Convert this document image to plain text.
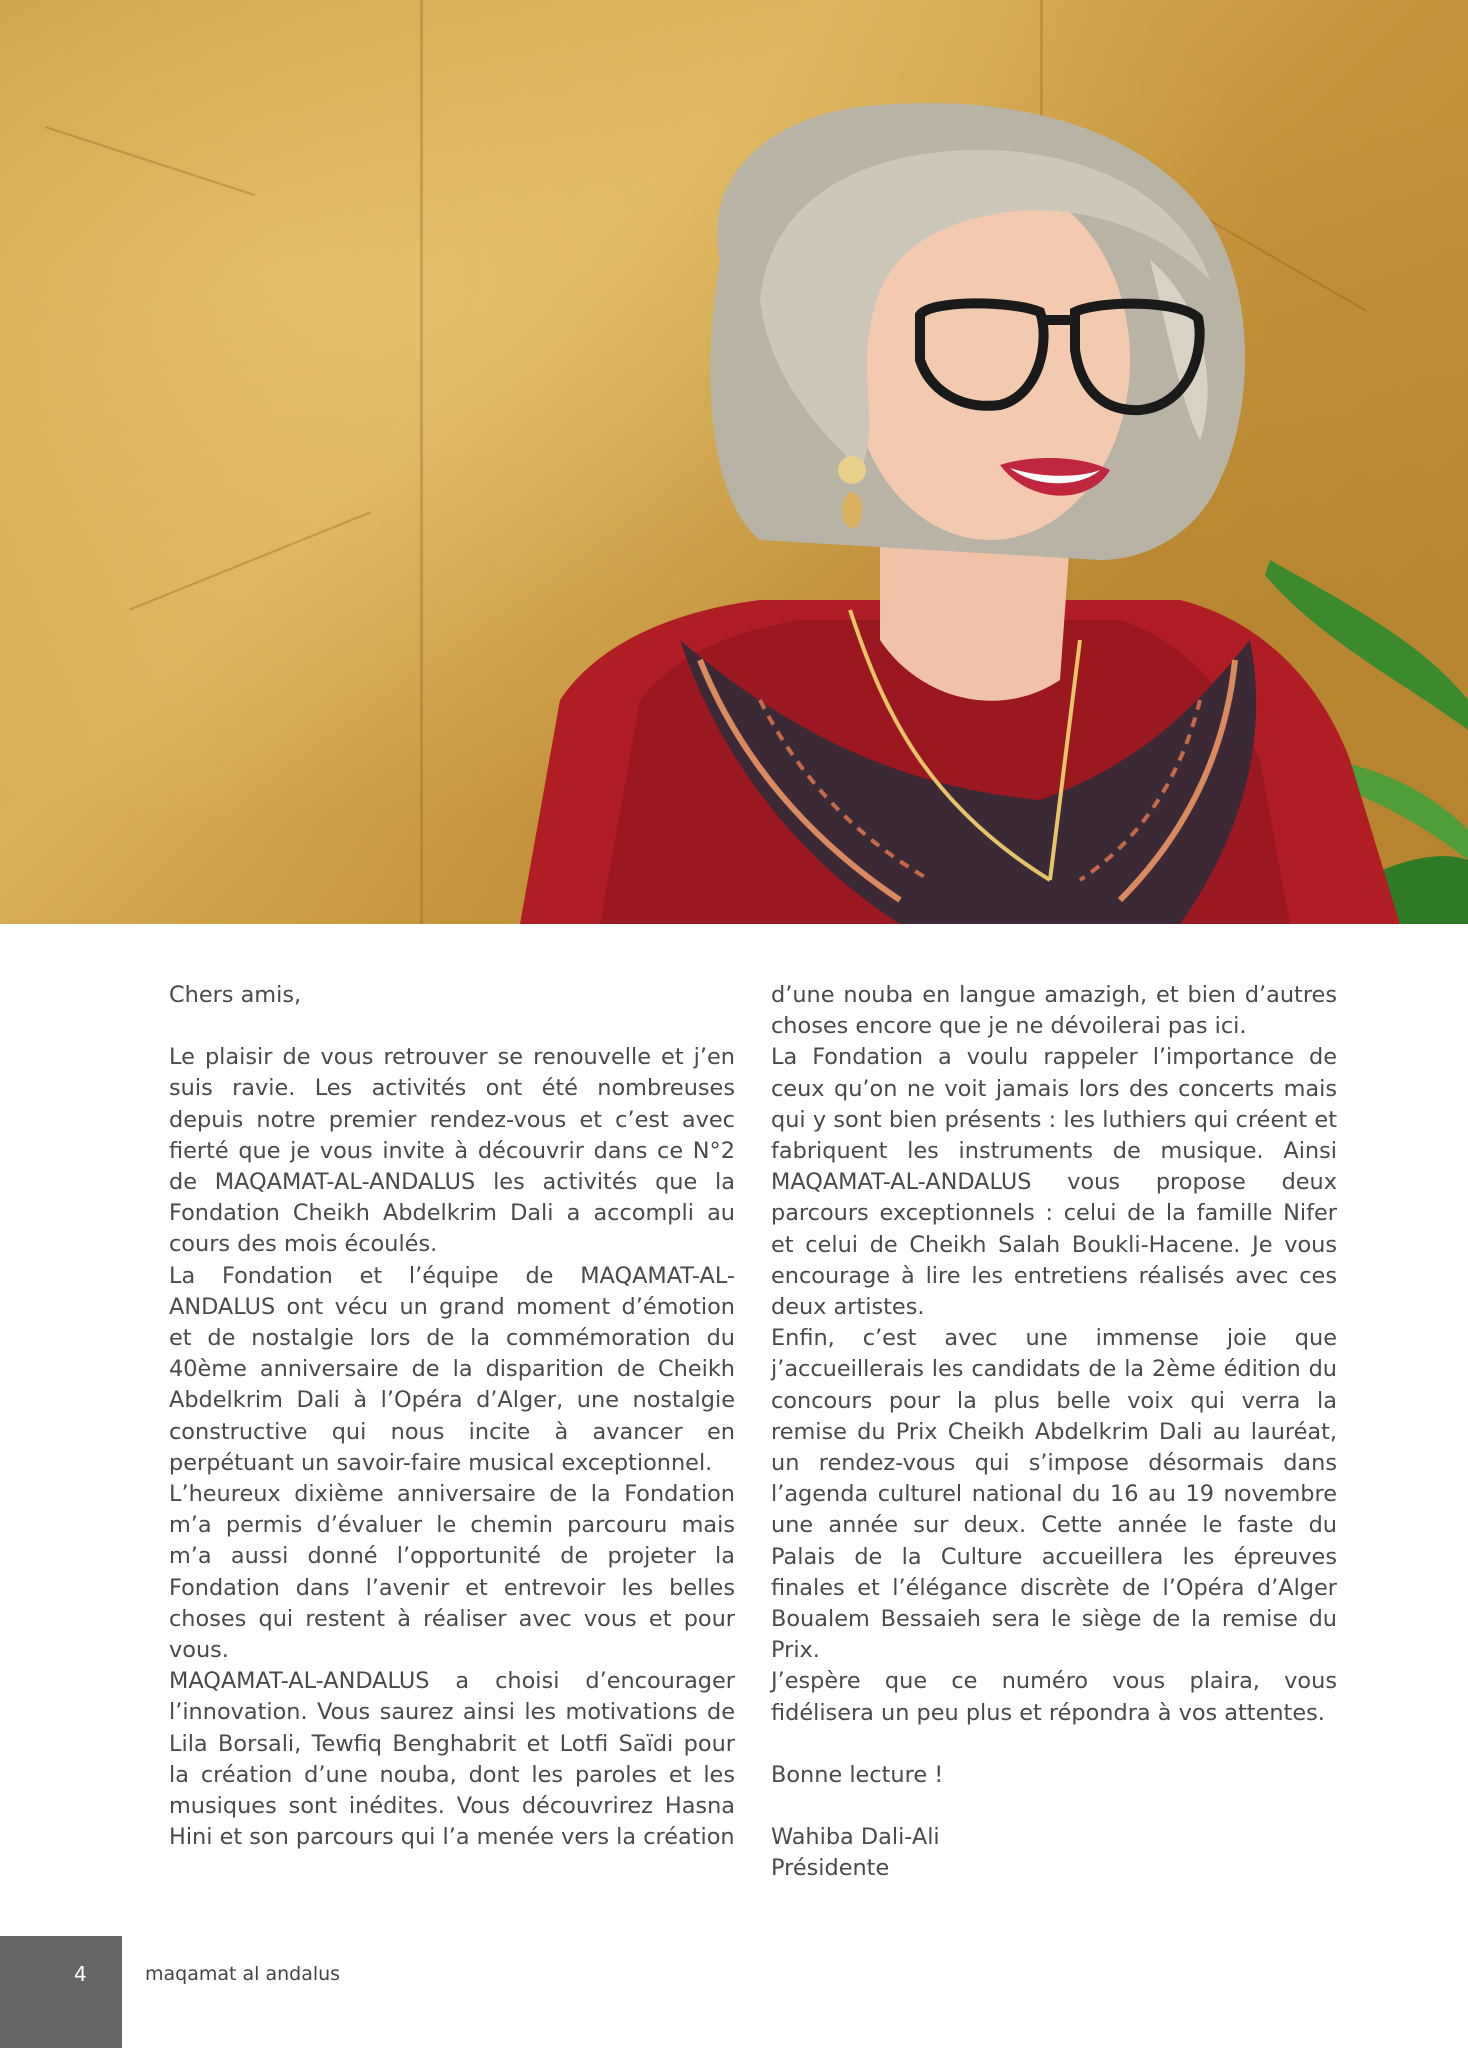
Chers amis,

Le plaisir de vous retrouver se renouvelle et j’en suis ravie. Les activités ont été nombreuses depuis notre premier rendez-vous et c’est avec fierté que je vous invite à découvrir dans ce N°2 de MAQAMAT-AL-ANDALUS les activités que la Fondation Cheikh Abdelkrim Dali a accompli au cours des mois écoulés.

La Fondation et l’équipe de MAQAMAT-AL-ANDALUS ont vécu un grand moment d’émotion et de nostalgie lors de la commémoration du 40ème anniversaire de la disparition de Cheikh Abdelkrim Dali à l’Opéra d’Alger, une nostalgie constructive qui nous incite à avancer en perpétuant un savoir-faire musical exceptionnel.

L’heureux dixième anniversaire de la Fondation m’a permis d’évaluer le chemin parcouru mais m’a aussi donné l’opportunité de projeter la Fondation dans l’avenir et entrevoir les belles choses qui restent à réaliser avec vous et pour vous.

MAQAMAT-AL-ANDALUS a choisi d’encourager l’innovation. Vous saurez ainsi les motivations de Lila Borsali, Tewfiq Benghabrit et Lotfi Saïdi pour la création d’une nouba, dont les paroles et les musiques sont inédites. Vous découvrirez Hasna Hini et son parcours qui l’a menée vers la création

d’une nouba en langue amazigh, et bien d’autres choses encore que je ne dévoilerai pas ici.

La Fondation a voulu rappeler l’importance de ceux qu’on ne voit jamais lors des concerts mais qui y sont bien présents : les luthiers qui créent et fabriquent les instruments de musique. Ainsi MAQAMAT-AL-ANDALUS vous propose deux parcours exceptionnels : celui de la famille Nifer et celui de Cheikh Salah Boukli-Hacene. Je vous encourage à lire les entretiens réalisés avec ces deux artistes.

Enfin, c’est avec une immense joie que j’accueillerais les candidats de la 2ème édition du concours pour la plus belle voix qui verra la remise du Prix Cheikh Abdelkrim Dali au lauréat, un rendez-vous qui s’impose désormais dans l’agenda culturel national du 16 au 19 novembre une année sur deux. Cette année le faste du Palais de la Culture accueillera les épreuves finales et l’élégance discrète de l’Opéra d’Alger Boualem Bessaieh sera le siège de la remise du Prix.

J’espère que ce numéro vous plaira, vous fidélisera un peu plus et répondra à vos attentes.

Bonne lecture !

Wahiba Dali-Ali

Présidente

4	maqamat al andalus
